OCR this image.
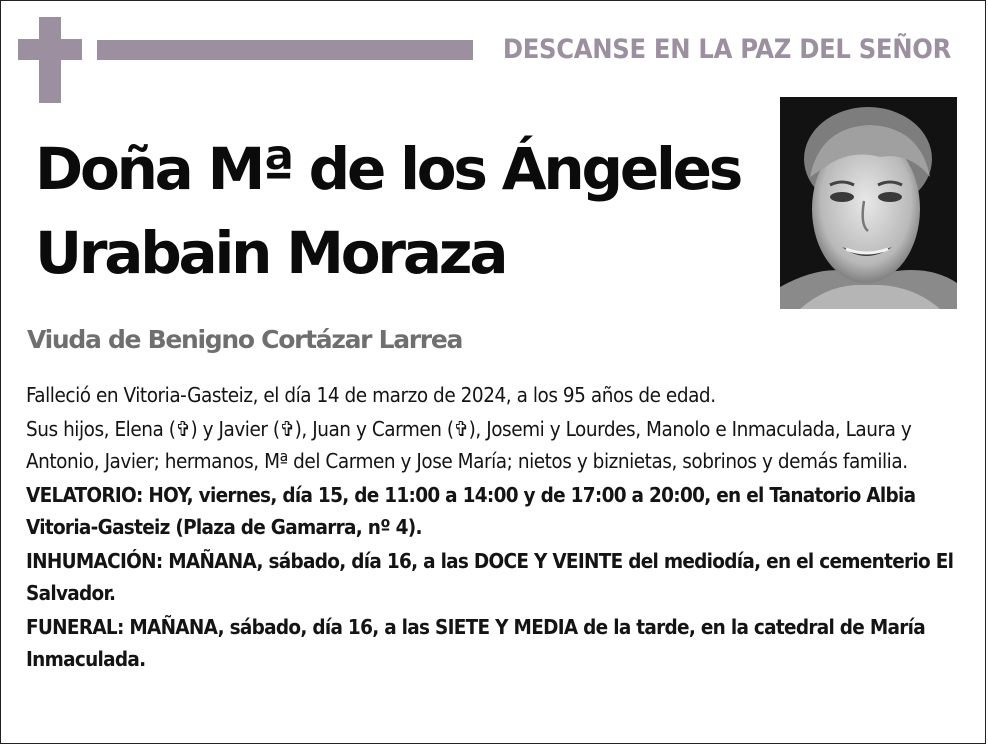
DESCANSE EN LA PAZ DEL SEÑOR
Doña Mª de los Ángeles
Urabain Moraza
Viuda de Benigno Cortázar Larrea

Falleció en Vitoria-Gasteiz, el día 14 de marzo de 2024, a los 95 años de edad.

Sus hijos, Elena (✞) y Javier (✞), Juan y Carmen (✞), Josemi y Lourdes, Manolo e Inmaculada, Laura y Antonio, Javier; hermanos, Mª del Carmen y Jose María; nietos y biznietas, sobrinos y demás familia.

VELATORIO: HOY, viernes, día 15, de 11:00 a 14:00 y de 17:00 a 20:00, en el Tanatorio Albia Vitoria-Gasteiz (Plaza de Gamarra, nº 4).

INHUMACIÓN: MAÑANA, sábado, día 16, a las DOCE Y VEINTE del mediodía, en el cementerio El Salvador.

FUNERAL: MAÑANA, sábado, día 16, a las SIETE Y MEDIA de la tarde, en la catedral de María Inmaculada.
